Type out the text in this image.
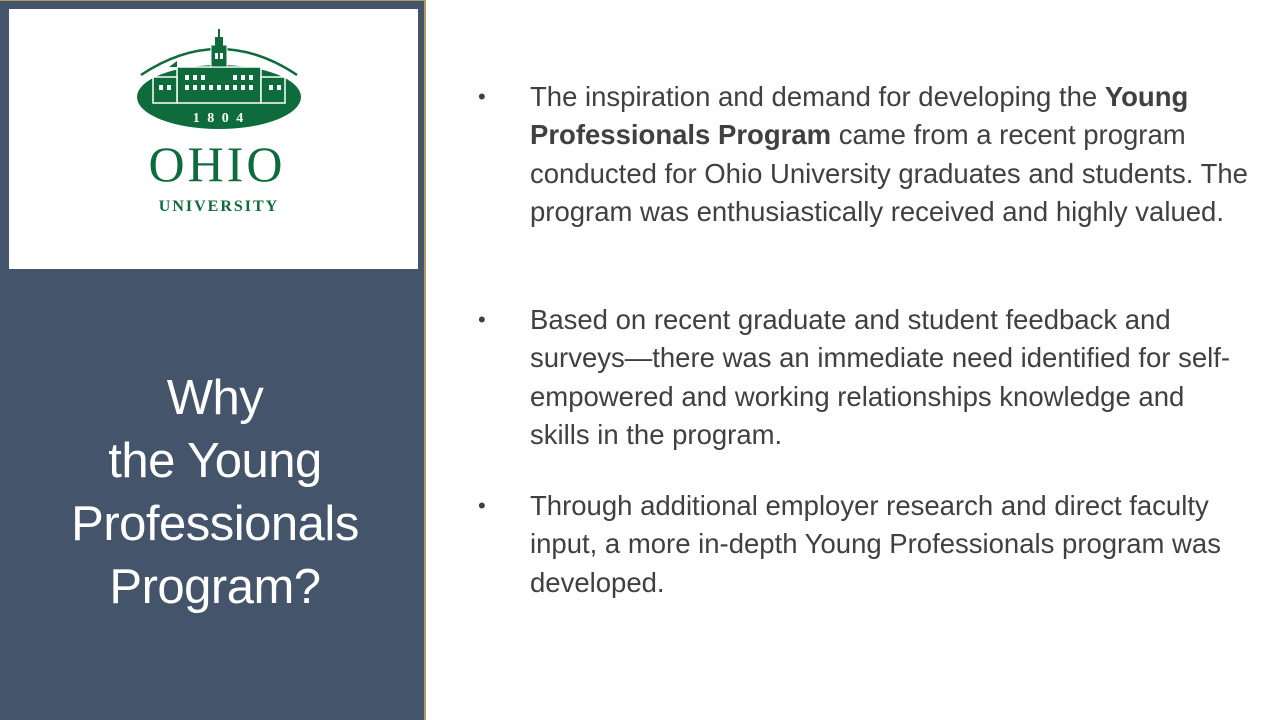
1 8 0 4
OHIO
UNIVERSITY
Why
the Young
Professionals
Program?
•	The inspiration and demand for developing the Young Professionals Program came from a recent program conducted for Ohio University graduates and students. The program was enthusiastically received and highly valued.
•	Based on recent graduate and student feedback and surveys—there was an immediate need identified for self-empowered and working relationships knowledge and skills in the program.
•	Through additional employer research and direct faculty input, a more in-depth Young Professionals program was developed.
